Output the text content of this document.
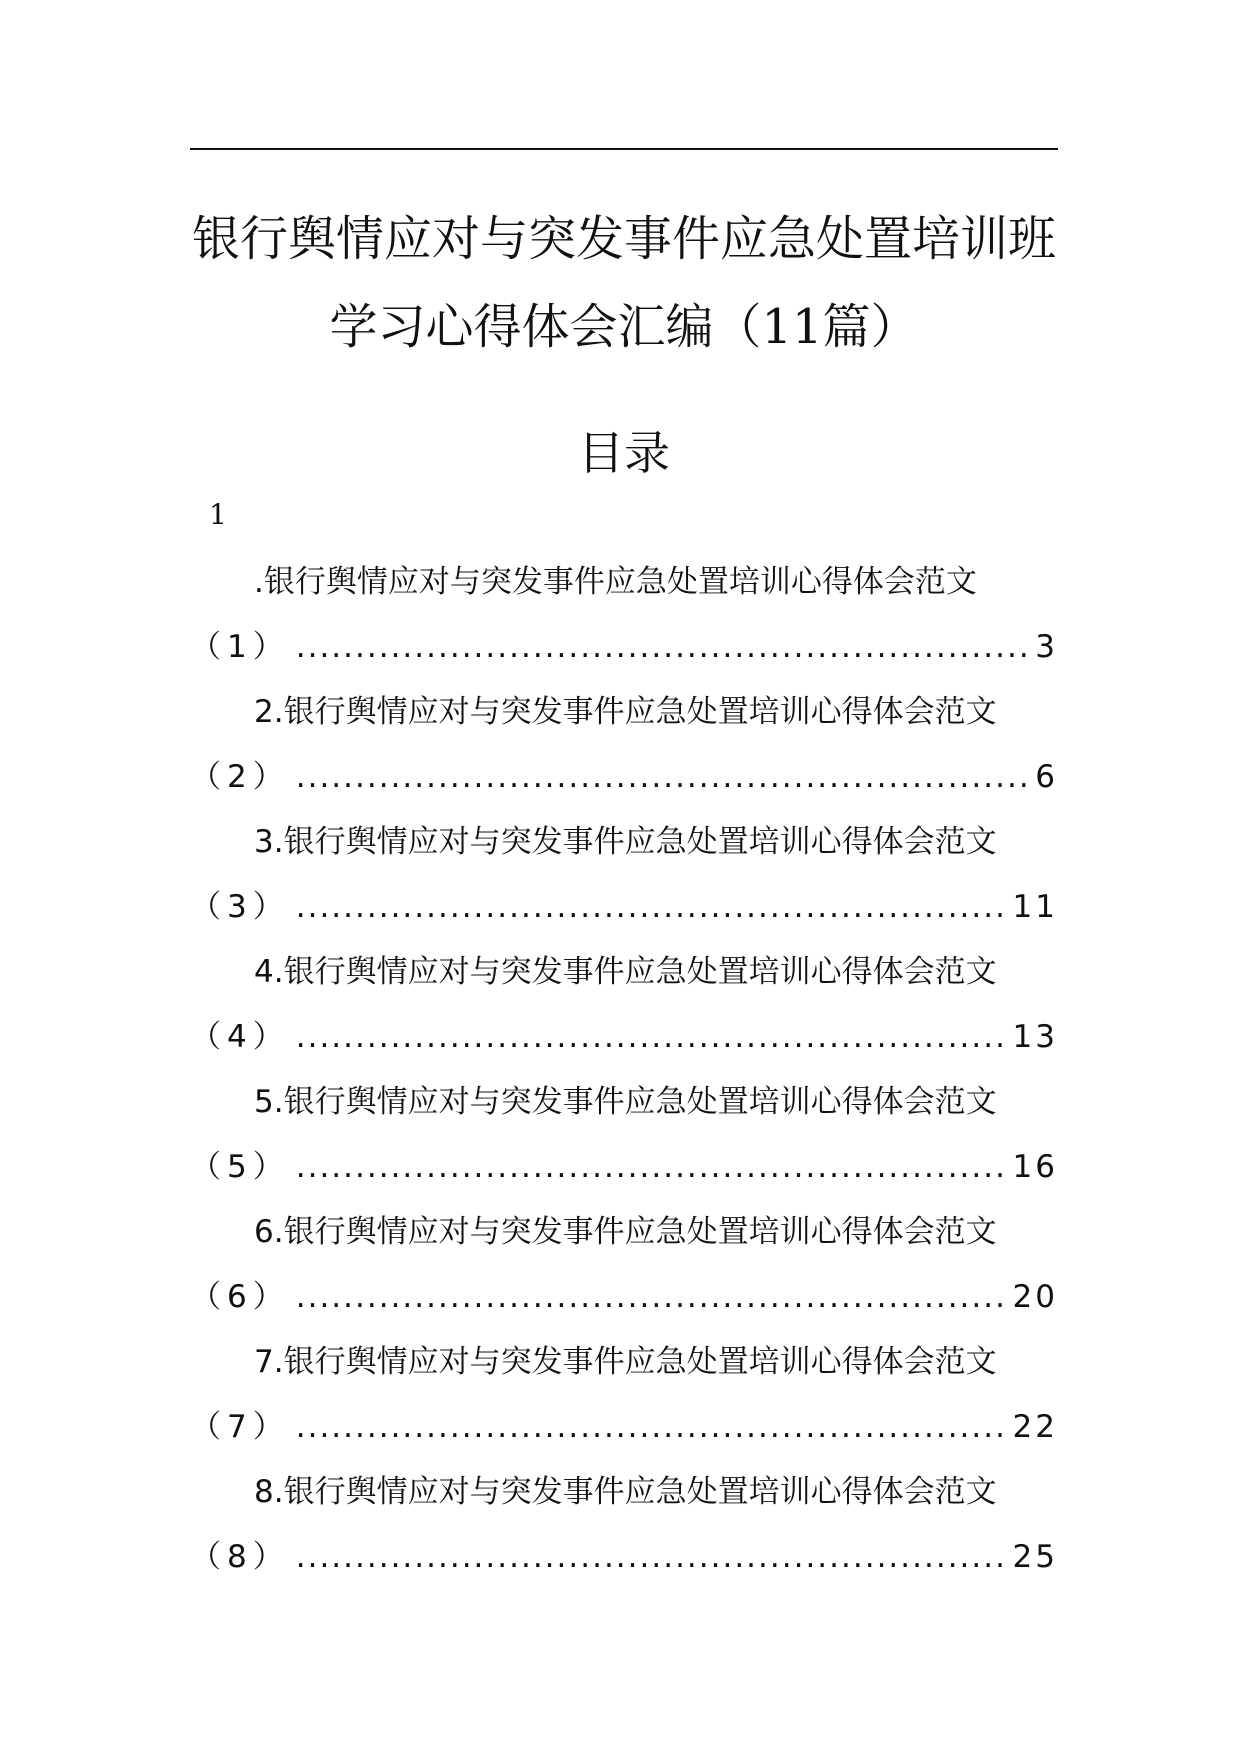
银行舆情应对与突发事件应急处置培训班
学习心得体会汇编（11篇）
目录
1
.银行舆情应对与突发事件应急处置培训心得体会范文
（1） .....	3
2.银行舆情应对与突发事件应急处置培训心得体会范文
（2） .....	6
3.银行舆情应对与突发事件应急处置培训心得体会范文
（3） .....	11
4.银行舆情应对与突发事件应急处置培训心得体会范文
（4） .....	13
5.银行舆情应对与突发事件应急处置培训心得体会范文
（5） .....	16
6.银行舆情应对与突发事件应急处置培训心得体会范文
（6） .....	20
7.银行舆情应对与突发事件应急处置培训心得体会范文
（7） .....	22
8.银行舆情应对与突发事件应急处置培训心得体会范文
（8） .....	25
